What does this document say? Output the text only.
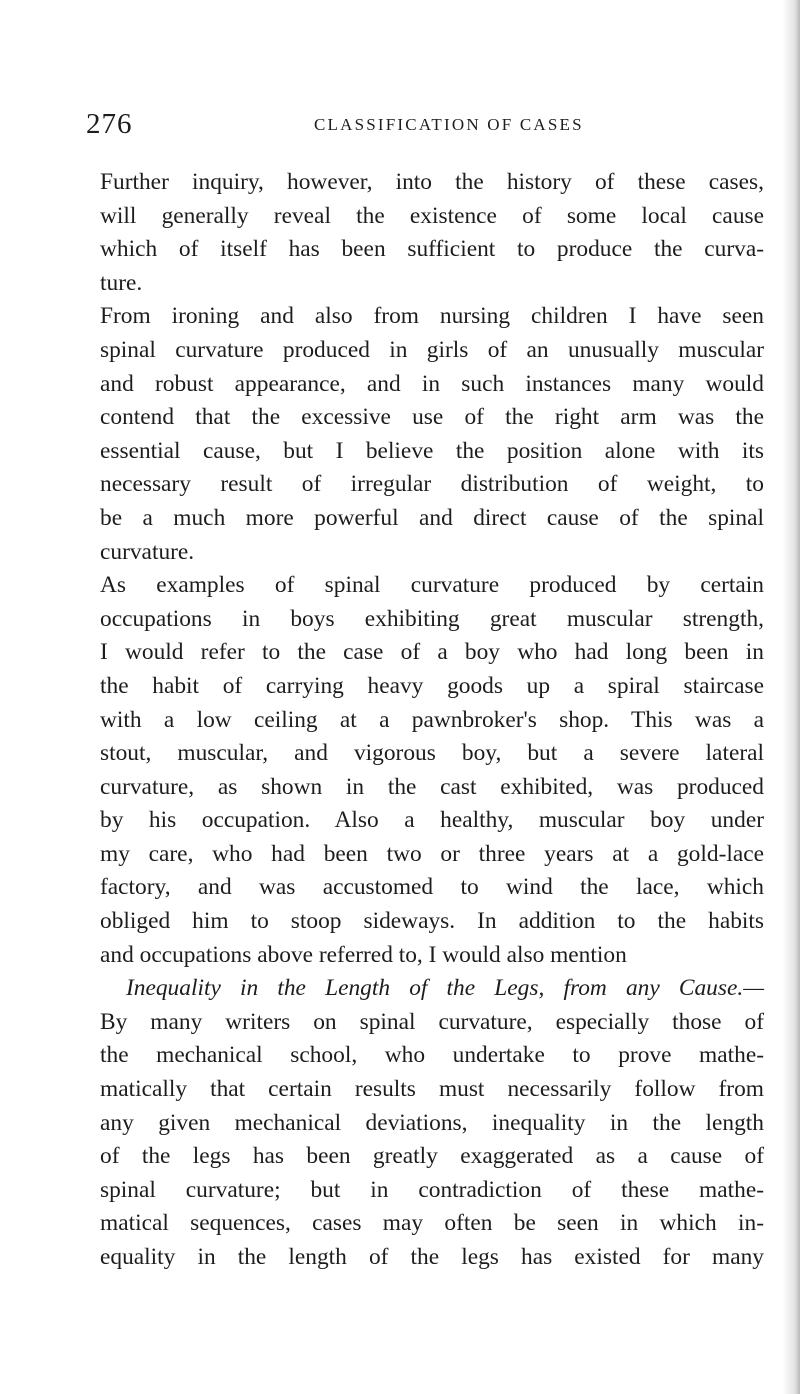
276	CLASSIFICATION OF CASES
Further inquiry, however, into the history of these cases,
will generally reveal the existence of some local cause
which of itself has been sufficient to produce the curva-
ture.
From ironing and also from nursing children I have seen
spinal curvature produced in girls of an unusually muscular
and robust appearance, and in such instances many would
contend that the excessive use of the right arm was the
essential cause, but I believe the position alone with its
necessary result of irregular distribution of weight, to
be a much more powerful and direct cause of the spinal
curvature.
As examples of spinal curvature produced by certain
occupations in boys exhibiting great muscular strength,
I would refer to the case of a boy who had long been in
the habit of carrying heavy goods up a spiral staircase
with a low ceiling at a pawnbroker's shop. This was a
stout, muscular, and vigorous boy, but a severe lateral
curvature, as shown in the cast exhibited, was produced
by his occupation. Also a healthy, muscular boy under
my care, who had been two or three years at a gold-lace
factory, and was accustomed to wind the lace, which
obliged him to stoop sideways. In addition to the habits
and occupations above referred to, I would also mention
Inequality in the Length of the Legs, from any Cause.—
By many writers on spinal curvature, especially those of
the mechanical school, who undertake to prove mathe-
matically that certain results must necessarily follow from
any given mechanical deviations, inequality in the length
of the legs has been greatly exaggerated as a cause of
spinal curvature; but in contradiction of these mathe-
matical sequences, cases may often be seen in which in-
equality in the length of the legs has existed for many
